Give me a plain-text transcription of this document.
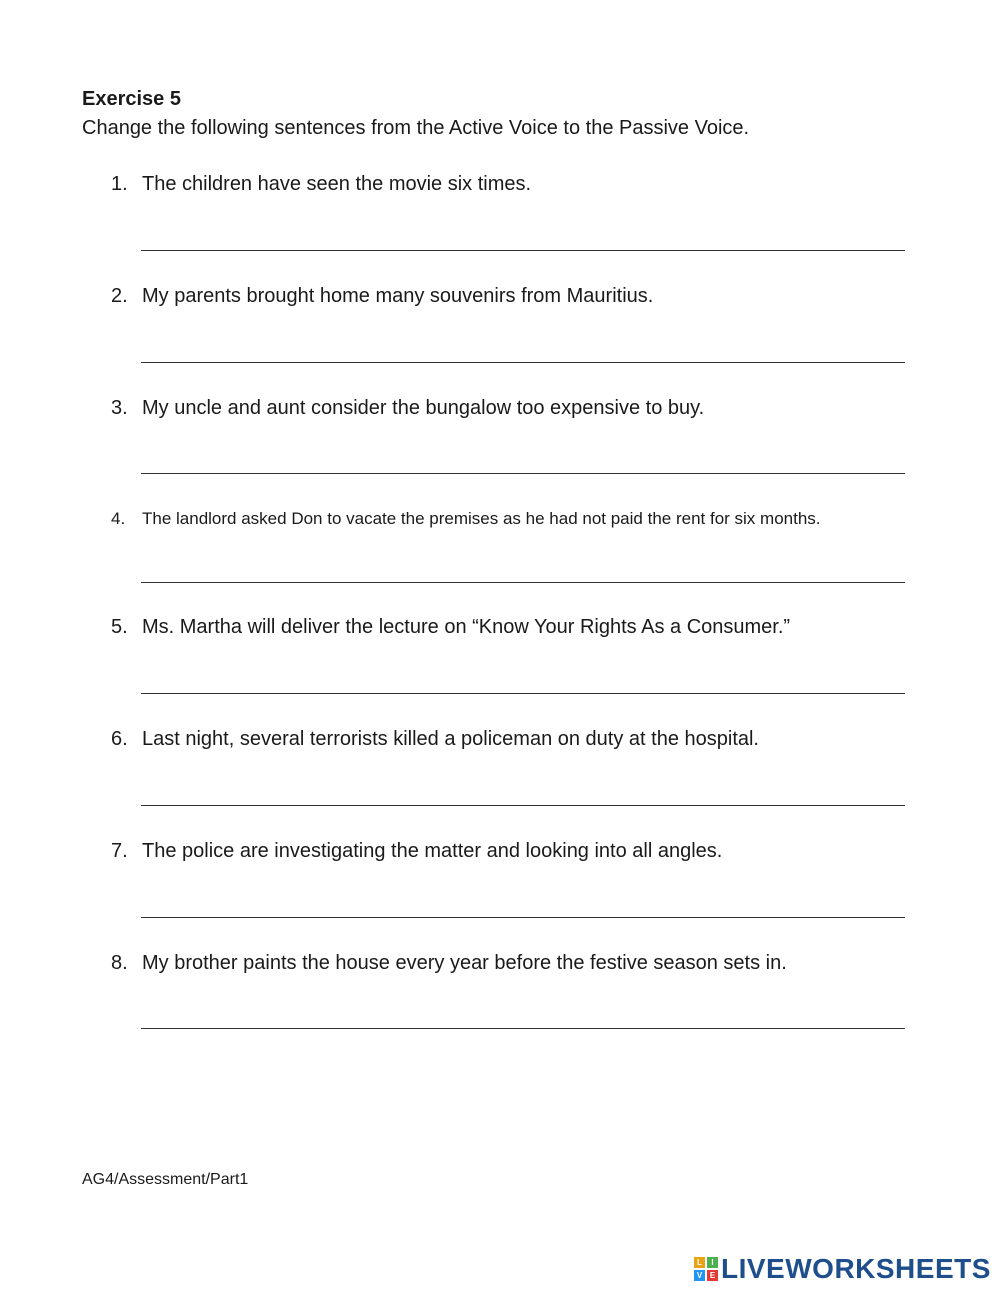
Exercise 5
Change the following sentences from the Active Voice to the Passive Voice.
1. The children have seen the movie six times.
2. My parents brought home many souvenirs from Mauritius.
3. My uncle and aunt consider the bungalow too expensive to buy.
4. The landlord asked Don to vacate the premises as he had not paid the rent for six months.
5. Ms. Martha will deliver the lecture on “Know Your Rights As a Consumer.”
6. Last night, several terrorists killed a policeman on duty at the hospital.
7. The police are investigating the matter and looking into all angles.
8. My brother paints the house every year before the festive season sets in.
AG4/Assessment/Part1
L	I
V E LIVEWORKSHEETS
